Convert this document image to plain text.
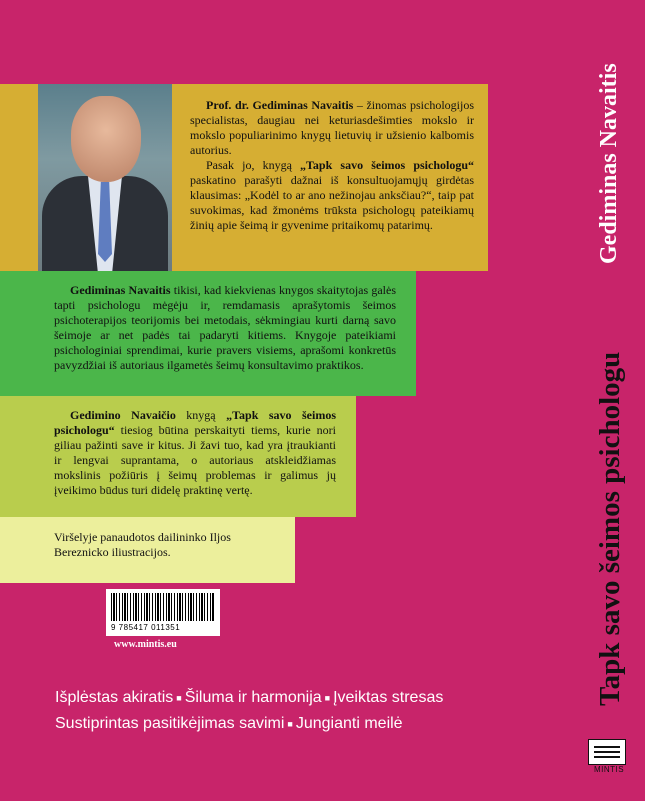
Prof. dr. Gediminas Navaitis – žinomas psichologijos specialistas, daugiau nei keturiasdešimties mokslo ir mokslo populiarinimo knygų lietuvių ir užsienio kalbomis autorius.

Pasak jo, knygą „Tapk savo šeimos psichologu“ paskatino parašyti dažnai iš konsultuojamųjų girdėtas klausimas: „Kodėl to ar ano nežinojau anksčiau?“, taip pat suvokimas, kad žmonėms trūksta psichologų pateikiamų žinių apie šeimą ir gyvenime pritaikomų patarimų.

Gediminas Navaitis tikisi, kad kiekvienas knygos skaitytojas galės tapti psichologu mėgėju ir, remdamasis aprašytomis šeimos psichoterapijos teorijomis bei metodais, sėkmingiau kurti darną savo šeimoje ar net padės tai padaryti kitiems. Knygoje pateikiami psichologiniai sprendimai, kurie pravers visiems, aprašomi konkretūs pavyzdžiai iš autoriaus ilgametės šeimų konsultavimo praktikos.

Gedimino Navaičio knygą „Tapk savo šeimos psichologu“ tiesiog būtina perskaityti tiems, kurie nori giliau pažinti save ir kitus. Ji žavi tuo, kad yra įtraukianti ir lengvai suprantama, o autoriaus atskleidžiamas mokslinis požiūris į šeimų problemas ir galimus jų įveikimo būdus turi didelę praktinę vertę.

Viršelyje panaudotos dailininko Iljos Bereznicko iliustracijos.
9 785417 011351
www.mintis.eu
Išplėstas akiratis ■ Šiluma ir harmonija ■ Įveiktas stresas
Sustiprintas pasitikėjimas savimi ■ Jungianti meilė
Gediminas Navaitis
Tapk savo šeimos psichologu
MINTIS
